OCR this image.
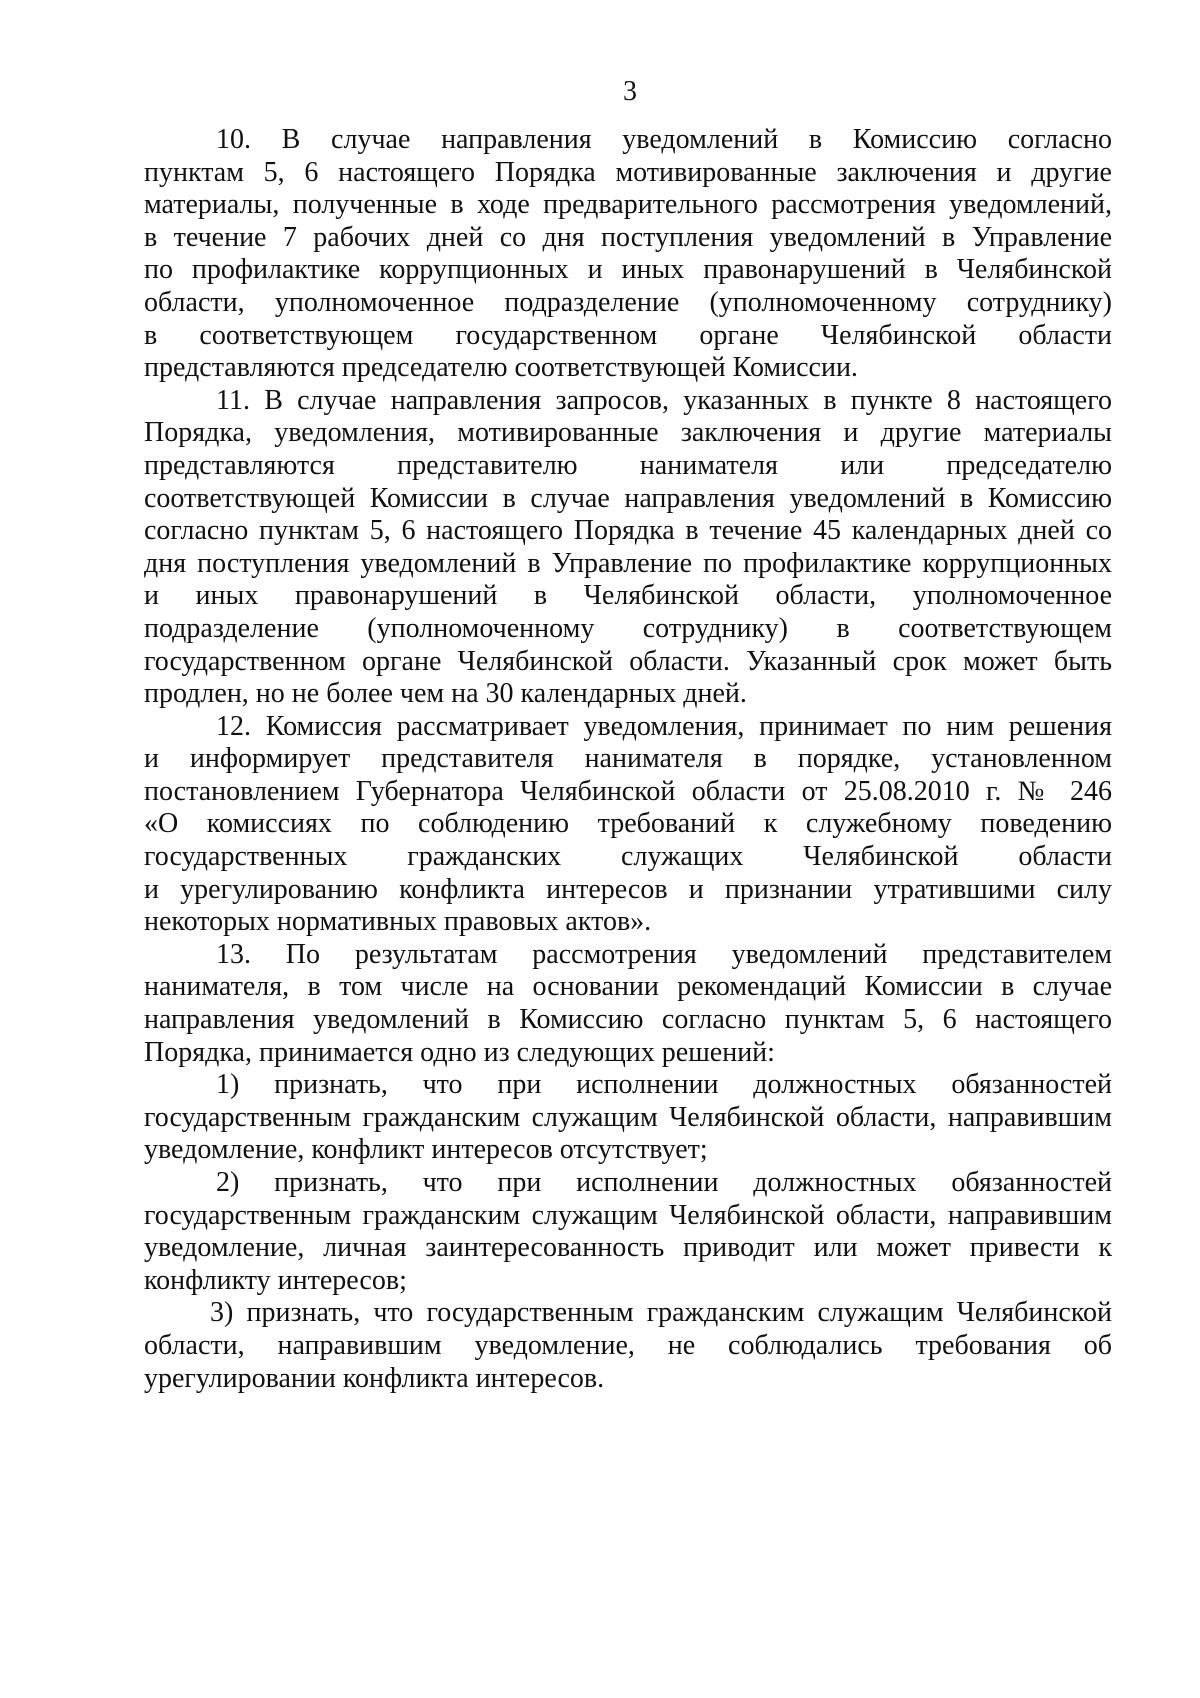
3
10. В случае направления уведомлений в Комиссию согласно
пунктам 5, 6 настоящего Порядка мотивированные заключения и другие
материалы, полученные в ходе предварительного рассмотрения уведомлений,
в течение 7 рабочих дней со дня поступления уведомлений в Управление
по профилактике коррупционных и иных правонарушений в Челябинской
области, уполномоченное подразделение (уполномоченному сотруднику)
в соответствующем государственном органе Челябинской области
представляются председателю соответствующей Комиссии.
11. В случае направления запросов, указанных в пункте 8 настоящего
Порядка, уведомления, мотивированные заключения и другие материалы
представляются представителю нанимателя или председателю
соответствующей Комиссии в случае направления уведомлений в Комиссию
согласно пунктам 5, 6 настоящего Порядка в течение 45 календарных дней со
дня поступления уведомлений в Управление по профилактике коррупционных
и иных правонарушений в Челябинской области, уполномоченное
подразделение (уполномоченному сотруднику) в соответствующем
государственном органе Челябинской области. Указанный срок может быть
продлен, но не более чем на 30 календарных дней.
12. Комиссия рассматривает уведомления, принимает по ним решения
и информирует представителя нанимателя в порядке, установленном
постановлением Губернатора Челябинской области от 25.08.2010 г. № 246
«О комиссиях по соблюдению требований к служебному поведению
государственных гражданских служащих Челябинской области
и урегулированию конфликта интересов и признании утратившими силу
некоторых нормативных правовых актов».
13. По результатам рассмотрения уведомлений представителем
нанимателя, в том числе на основании рекомендаций Комиссии в случае
направления уведомлений в Комиссию согласно пунктам 5, 6 настоящего
Порядка, принимается одно из следующих решений:
1) признать, что при исполнении должностных обязанностей
государственным гражданским служащим Челябинской области, направившим
уведомление, конфликт интересов отсутствует;
2) признать, что при исполнении должностных обязанностей
государственным гражданским служащим Челябинской области, направившим
уведомление, личная заинтересованность приводит или может привести к
конфликту интересов;
3) признать, что государственным гражданским служащим Челябинской
области, направившим уведомление, не соблюдались требования об
урегулировании конфликта интересов.
